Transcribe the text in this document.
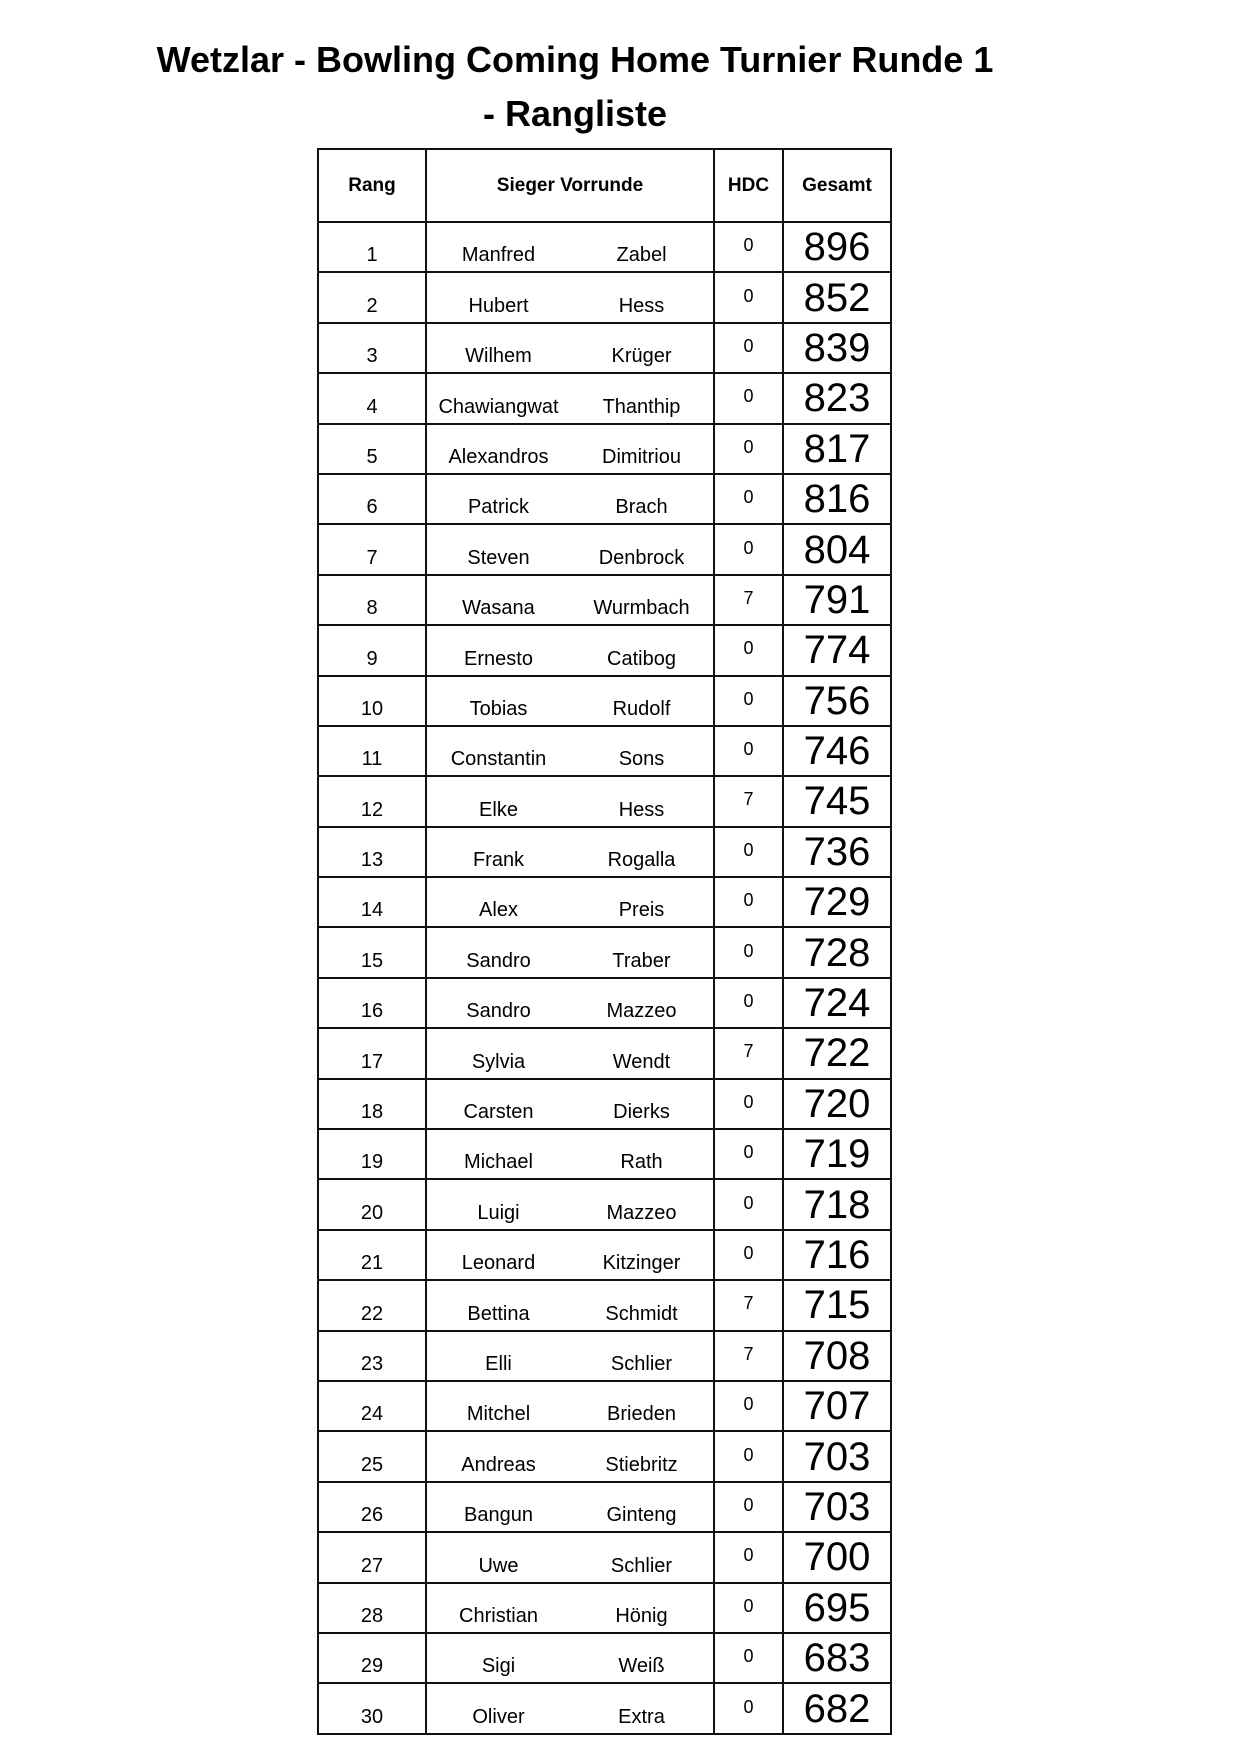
Wetzlar - Bowling Coming Home Turnier Runde 1
- Rangliste
Rang	Sieger Vorrunde	HDC	Gesamt
1	Manfred Zabel	0	896
2	Hubert Hess	0	852
3	Wilhem Krüger	0	839
4	Chawiangwat Thanthip	0	823
5	Alexandros Dimitriou	0	817
6	Patrick Brach	0	816
7	Steven Denbrock	0	804
8	Wasana Wurmbach	7	791
9	Ernesto Catibog	0	774
10	Tobias Rudolf	0	756
11	Constantin Sons	0	746
12	Elke Hess	7	745
13	Frank Rogalla	0	736
14	Alex Preis	0	729
15	Sandro Traber	0	728
16	Sandro Mazzeo	0	724
17	Sylvia Wendt	7	722
18	Carsten Dierks	0	720
19	Michael Rath	0	719
20	Luigi Mazzeo	0	718
21	Leonard Kitzinger	0	716
22	Bettina Schmidt	7	715
23	Elli Schlier	7	708
24	Mitchel Brieden	0	707
25	Andreas Stiebritz	0	703
26	Bangun Ginteng	0	703
27	Uwe Schlier	0	700
28	Christian Hönig	0	695
29	Sigi Weiß	0	683
30	Oliver Extra	0	682
